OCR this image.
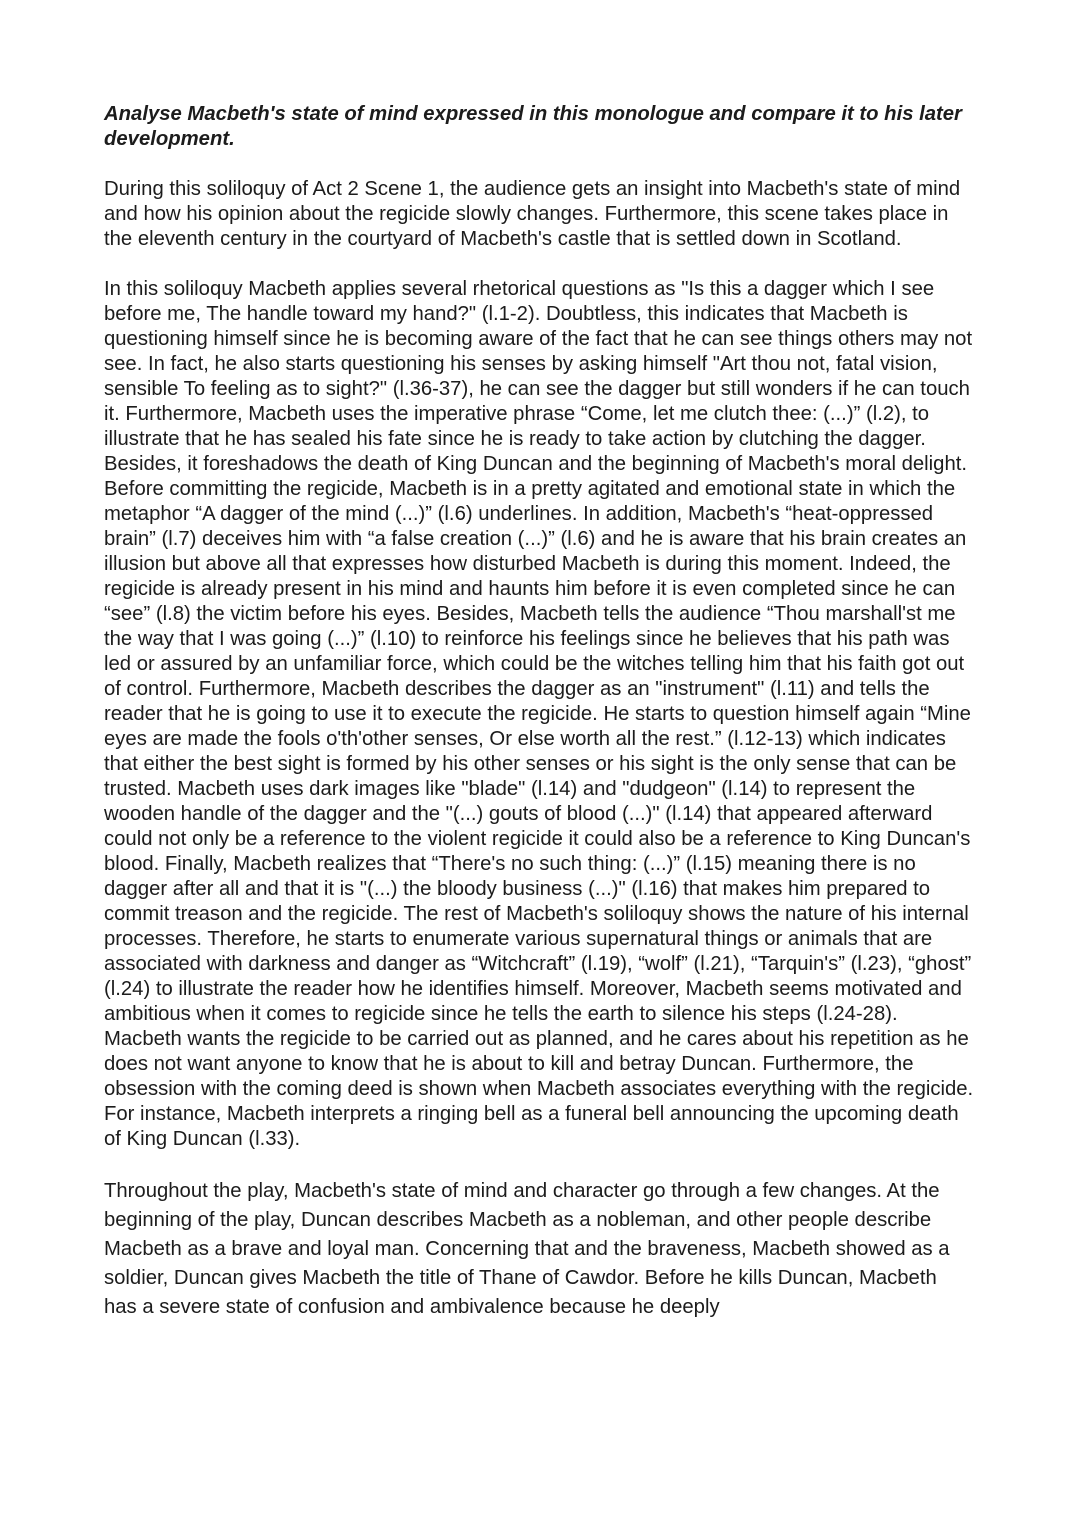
Analyse Macbeth's state of mind expressed in this monologue and compare it to his later development.

During this soliloquy of Act 2 Scene 1, the audience gets an insight into Macbeth's state of mind and how his opinion about the regicide slowly changes. Furthermore, this scene takes place in the eleventh century in the courtyard of Macbeth's castle that is settled down in Scotland.

In this soliloquy Macbeth applies several rhetorical questions as "Is this a dagger which I see before me, The handle toward my hand?" (l.1-2). Doubtless, this indicates that Macbeth is questioning himself since he is becoming aware of the fact that he can see things others may not see. In fact, he also starts questioning his senses by asking himself "Art thou not, fatal vision, sensible To feeling as to sight?" (l.36-37), he can see the dagger but still wonders if he can touch it. Furthermore, Macbeth uses the imperative phrase “Come, let me clutch thee: (...)” (l.2), to illustrate that he has sealed his fate since he is ready to take action by clutching the dagger. Besides, it foreshadows the death of King Duncan and the beginning of Macbeth's moral delight. Before committing the regicide, Macbeth is in a pretty agitated and emotional state in which the metaphor “A dagger of the mind (...)” (l.6) underlines. In addition, Macbeth's “heat-oppressed brain” (l.7) deceives him with “a false creation (...)” (l.6) and he is aware that his brain creates an illusion but above all that expresses how disturbed Macbeth is during this moment. Indeed, the regicide is already present in his mind and haunts him before it is even completed since he can “see” (l.8) the victim before his eyes. Besides, Macbeth tells the audience “Thou marshall'st me the way that I was going (...)” (l.10) to reinforce his feelings since he believes that his path was led or assured by an unfamiliar force, which could be the witches telling him that his faith got out of control. Furthermore, Macbeth describes the dagger as an "instrument" (l.11) and tells the reader that he is going to use it to execute the regicide. He starts to question himself again “Mine eyes are made the fools o'th'other senses, Or else worth all the rest.” (l.12-13) which indicates that either the best sight is formed by his other senses or his sight is the only sense that can be trusted. Macbeth uses dark images like "blade" (l.14) and "dudgeon" (l.14) to represent the wooden handle of the dagger and the "(...) gouts of blood (...)" (l.14) that appeared afterward could not only be a reference to the violent regicide it could also be a reference to King Duncan's blood. Finally, Macbeth realizes that “There's no such thing: (...)” (l.15) meaning there is no dagger after all and that it is "(...) the bloody business (...)" (l.16) that makes him prepared to commit treason and the regicide. The rest of Macbeth's soliloquy shows the nature of his internal processes. Therefore, he starts to enumerate various supernatural things or animals that are associated with darkness and danger as “Witchcraft” (l.19), “wolf” (l.21), “Tarquin's” (l.23), “ghost” (l.24) to illustrate the reader how he identifies himself. Moreover, Macbeth seems motivated and ambitious when it comes to regicide since he tells the earth to silence his steps (l.24-28). Macbeth wants the regicide to be carried out as planned, and he cares about his repetition as he does not want anyone to know that he is about to kill and betray Duncan. Furthermore, the obsession with the coming deed is shown when Macbeth associates everything with the regicide. For instance, Macbeth interprets a ringing bell as a funeral bell announcing the upcoming death of King Duncan (l.33).

Throughout the play, Macbeth's state of mind and character go through a few changes. At the beginning of the play, Duncan describes Macbeth as a nobleman, and other people describe Macbeth as a brave and loyal man. Concerning that and the braveness, Macbeth showed as a soldier, Duncan gives Macbeth the title of Thane of Cawdor. Before he kills Duncan, Macbeth has a severe state of confusion and ambivalence because he deeply
